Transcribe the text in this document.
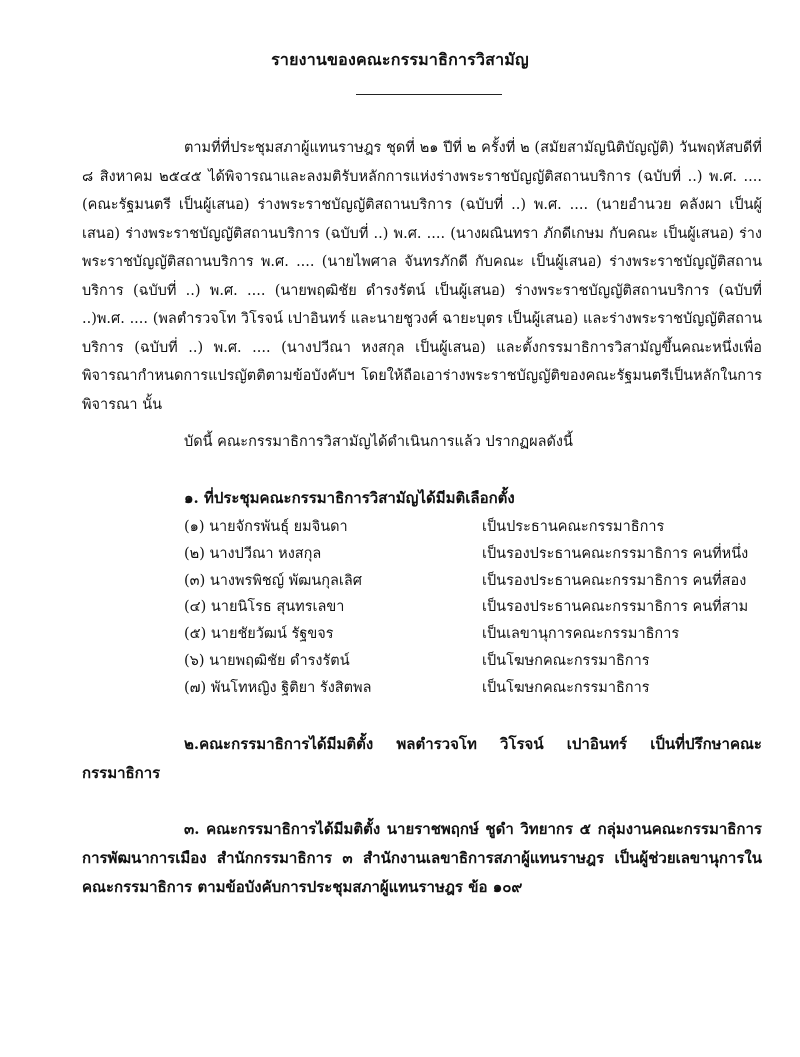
รายงานของคณะกรรมาธิการวิสามัญ
ตามที่ที่ประชุมสภาผู้แทนราษฎร ชุดที่ ๒๑ ปีที่ ๒ ครั้งที่ ๒ (สมัยสามัญนิติบัญญัติ) วันพฤหัสบดีที่ ๘ สิงหาคม ๒๕๔๕ ได้พิจารณาและลงมติรับหลักการแห่งร่างพระราชบัญญัติสถานบริการ (ฉบับที่ ..) พ.ศ. .... (คณะรัฐมนตรี เป็นผู้เสนอ) ร่างพระราชบัญญัติสถานบริการ (ฉบับที่ ..) พ.ศ. .... (นายอำนวย คลังผา เป็นผู้เสนอ) ร่างพระราชบัญญัติสถานบริการ (ฉบับที่ ..) พ.ศ. .... (นางผณินทรา ภักดีเกษม กับคณะ เป็นผู้เสนอ) ร่างพระราชบัญญัติสถานบริการ พ.ศ. .... (นายไพศาล จันทรภักดี กับคณะ เป็นผู้เสนอ) ร่างพระราชบัญญัติสถานบริการ (ฉบับที่ ..) พ.ศ. .... (นายพฤฒิชัย ดำรงรัตน์ เป็นผู้เสนอ) ร่างพระราชบัญญัติสถานบริการ (ฉบับที่ ..)พ.ศ. .... (พลตำรวจโท วิโรจน์ เปาอินทร์ และนายชูวงศ์ ฉายะบุตร เป็นผู้เสนอ) และร่างพระราชบัญญัติสถานบริการ (ฉบับที่ ..) พ.ศ. .... (นางปวีณา หงสกุล เป็นผู้เสนอ) และตั้งกรรมาธิการวิสามัญขึ้นคณะหนึ่งเพื่อพิจารณากำหนดการแปรญัตติตามข้อบังคับฯ โดยให้ถือเอาร่างพระราชบัญญัติของคณะรัฐมนตรีเป็นหลักในการพิจารณา นั้น
บัดนี้ คณะกรรมาธิการวิสามัญได้ดำเนินการแล้ว ปรากฏผลดังนี้
๑. ที่ประชุมคณะกรรมาธิการวิสามัญได้มีมติเลือกตั้ง
(๑) นายจักรพันธุ์ ยมจินดา	เป็นประธานคณะกรรมาธิการ
(๒) นางปวีณา หงสกุล	เป็นรองประธานคณะกรรมาธิการ คนที่หนึ่ง
(๓) นางพรพิชญ์ พัฒนกุลเลิศ	เป็นรองประธานคณะกรรมาธิการ คนที่สอง
(๔) นายนิโรธ สุนทรเลขา	เป็นรองประธานคณะกรรมาธิการ คนที่สาม
(๕) นายชัยวัฒน์ รัฐขจร	เป็นเลขานุการคณะกรรมาธิการ
(๖) นายพฤฒิชัย ดำรงรัตน์	เป็นโฆษกคณะกรรมาธิการ
(๗) พันโทหญิง ฐิติยา รังสิตพล	เป็นโฆษกคณะกรรมาธิการ
๒.คณะกรรมาธิการได้มีมติตั้ง พลตำรวจโท วิโรจน์ เปาอินทร์ เป็นที่ปรึกษาคณะกรรมาธิการ
๓. คณะกรรมาธิการได้มีมติตั้ง นายราชพฤกษ์ ชูดำ วิทยากร ๕ กลุ่มงานคณะกรรมาธิการการพัฒนาการเมือง สำนักกรรมาธิการ ๓ สำนักงานเลขาธิการสภาผู้แทนราษฎร เป็นผู้ช่วยเลขานุการในคณะกรรมาธิการ ตามข้อบังคับการประชุมสภาผู้แทนราษฎร ข้อ ๑๐๙
